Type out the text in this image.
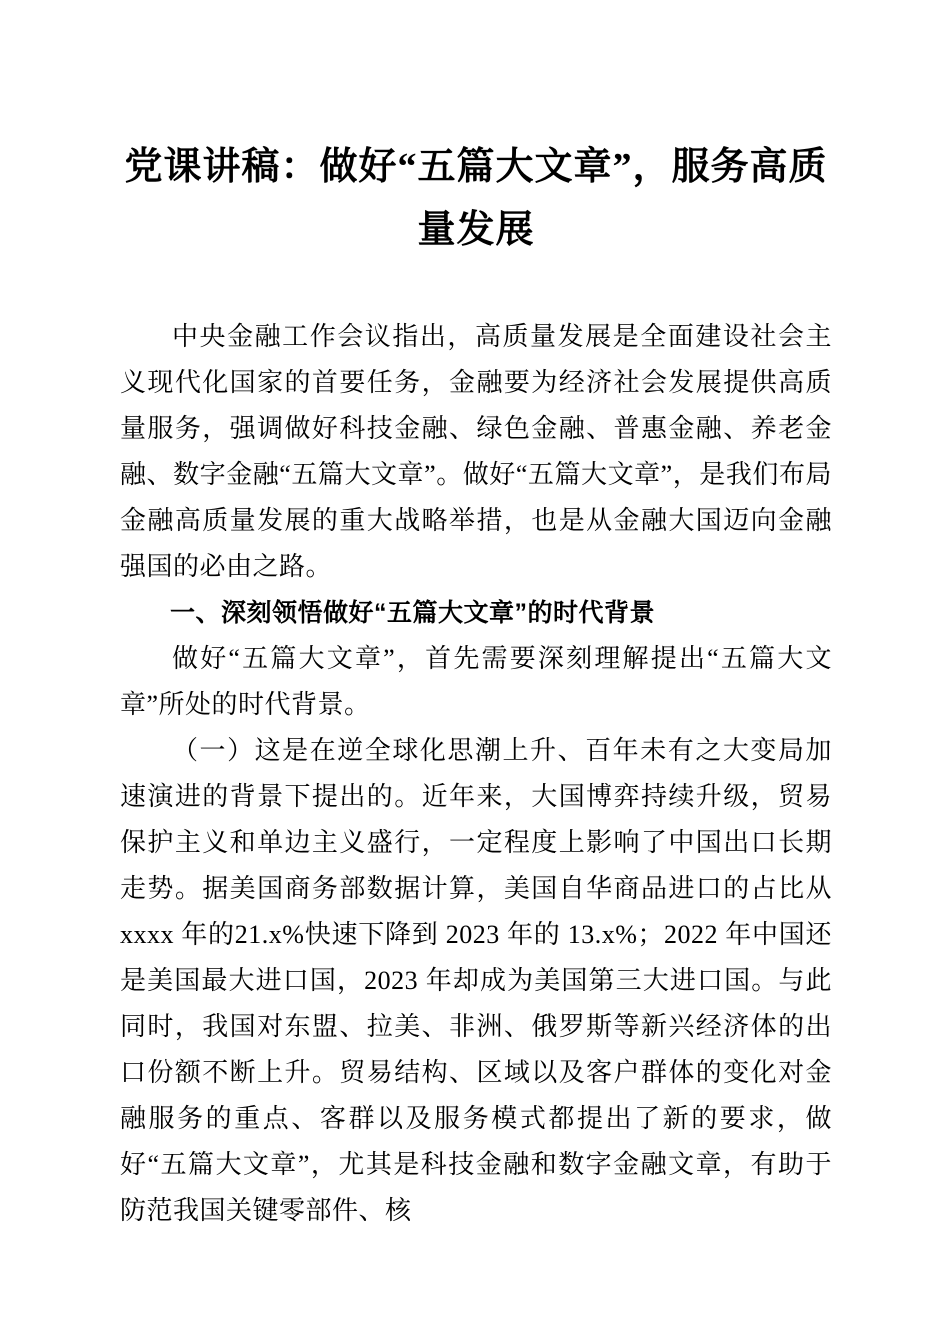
党课讲稿：做好“五篇大文章”，服务高质量发展

中央金融工作会议指出，高质量发展是全面建设社会主义现代化国家的首要任务，金融要为经济社会发展提供高质量服务，强调做好科技金融、绿色金融、普惠金融、养老金融、数字金融“五篇大文章”。做好“五篇大文章”，是我们布局金融高质量发展的重大战略举措，也是从金融大国迈向金融强国的必由之路。

一、深刻领悟做好“五篇大文章”的时代背景

做好“五篇大文章”，首先需要深刻理解提出“五篇大文章”所处的时代背景。

（一）这是在逆全球化思潮上升、百年未有之大变局加速演进的背景下提出的。近年来，大国博弈持续升级，贸易保护主义和单边主义盛行，一定程度上影响了中国出口长期走势。据美国商务部数据计算，美国自华商品进口的占比从 xxxx 年的21.x%快速下降到 2023 年的 13.x%；2022 年中国还是美国最大进口国，2023 年却成为美国第三大进口国。与此同时，我国对东盟、拉美、非洲、俄罗斯等新兴经济体的出口份额不断上升。贸易结构、区域以及客户群体的变化对金融服务的重点、客群以及服务模式都提出了新的要求，做好“五篇大文章”，尤其是科技金融和数字金融文章，有助于防范我国关键零部件、核
